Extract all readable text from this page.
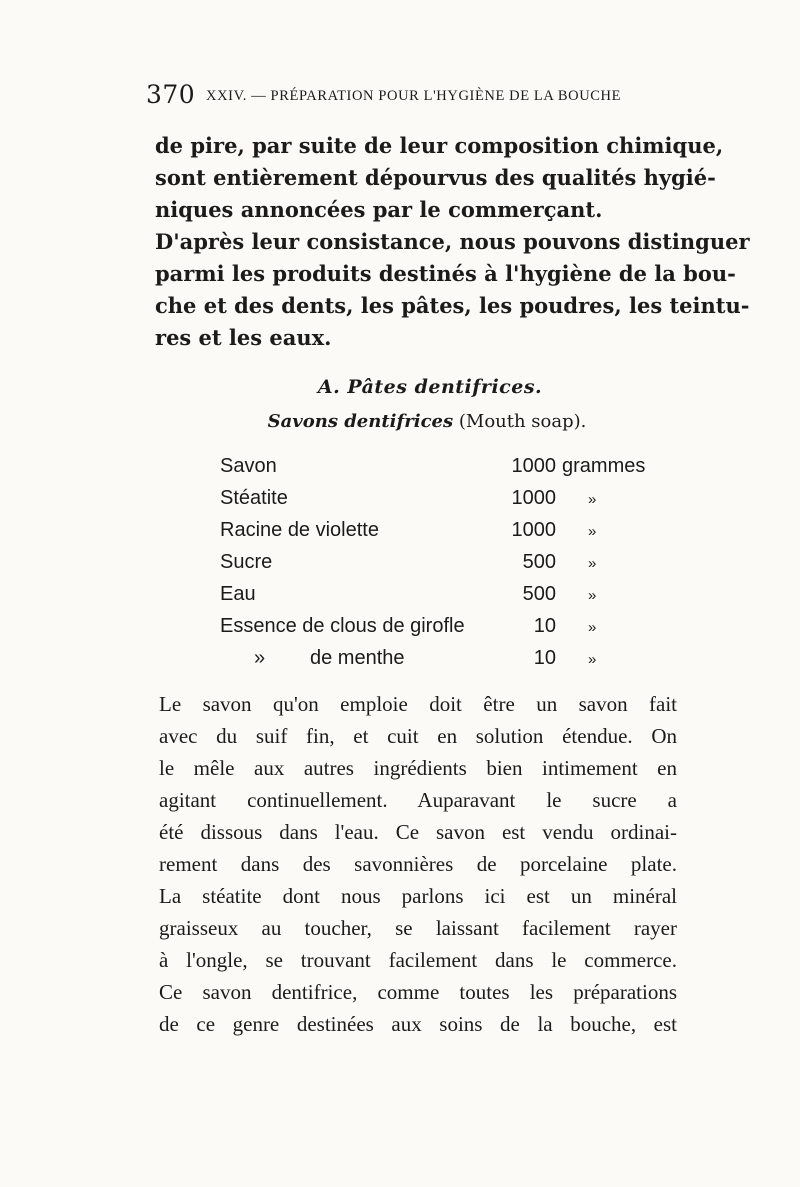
370 XXIV. — PRÉPARATION POUR L'HYGIÈNE DE LA BOUCHE
de pire, par suite de leur composition chimique,
sont entièrement dépourvus des qualités hygié-
niques annoncées par le commerçant.
D'après leur consistance, nous pouvons distinguer
parmi les produits destinés à l'hygiène de la bou-
che et des dents, les pâtes, les poudres, les teintu-
res et les eaux.
A. Pâtes dentifrices.
Savons dentifrices (Mouth soap).
Savon	1000 grammes
Stéatite	1000 »
Racine de violette	1000 »
Sucre	500 »
Eau	500 »
Essence de clous de girofle	10 »
» de menthe	10 »
Le savon qu'on emploie doit être un savon fait
avec du suif fin, et cuit en solution étendue. On
le mêle aux autres ingrédients bien intimement en
agitant continuellement. Auparavant le sucre a
été dissous dans l'eau. Ce savon est vendu ordinai-
rement dans des savonnières de porcelaine plate.
La stéatite dont nous parlons ici est un minéral
graisseux au toucher, se laissant facilement rayer
à l'ongle, se trouvant facilement dans le commerce.
Ce savon dentifrice, comme toutes les préparations
de ce genre destinées aux soins de la bouche, est
